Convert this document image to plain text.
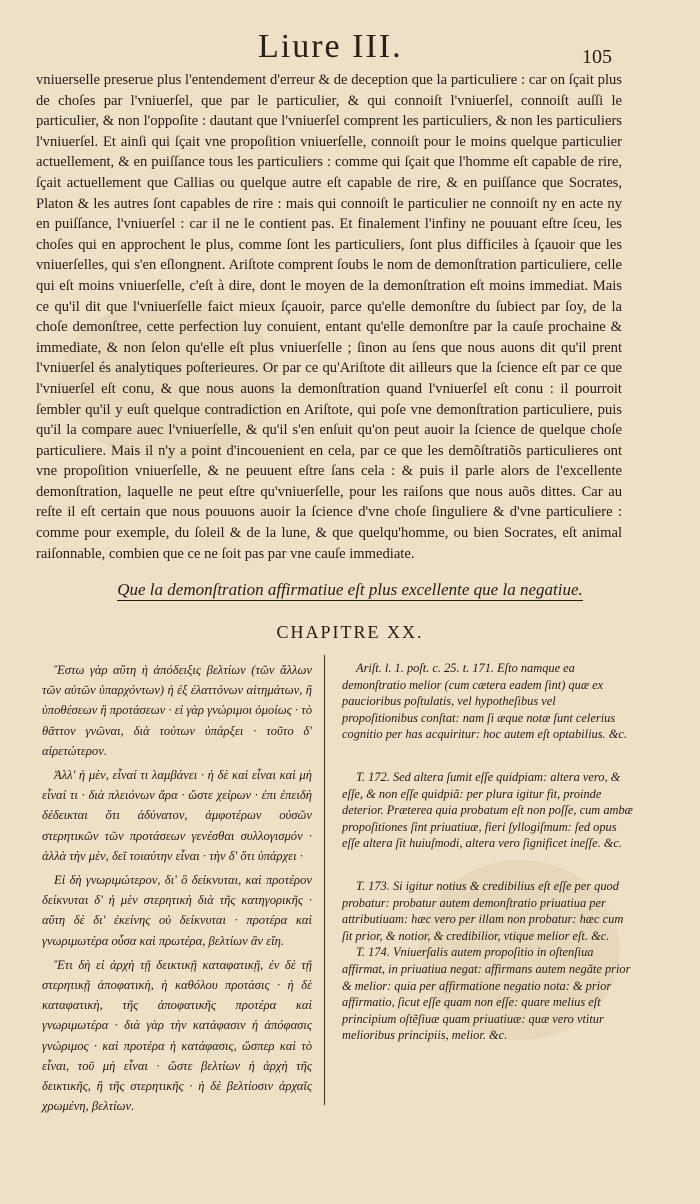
Liure III.	105

vniuerselle preserue plus l'entendement d'erreur & de deception que la particuliere : car on ſçait plus de choſes par l'vniuerſel, que par le particulier, & qui connoiſt l'vniuerſel, connoiſt auſſi le particulier, & non l'oppoſite : dautant que l'vniuerſel comprent les particuliers, & non les particuliers l'vniuerſel. Et ainſi qui ſçait vne propoſition vniuerſelle, connoiſt pour le moins quelque particulier actuellement, & en puiſſance tous les particuliers : comme qui ſçait que l'homme eſt capable de rire, ſçait actuellement que Callias ou quelque autre eſt capable de rire, & en puiſſance que Socrates, Platon & les autres ſont capables de rire : mais qui connoiſt le particulier ne connoiſt ny en acte ny en puiſſance, l'vniuerſel : car il ne le contient pas. Et finalement l'infiny ne pouuant eſtre ſceu, les choſes qui en approchent le plus, comme ſont les particuliers, ſont plus difficiles à ſçauoir que les vniuerſelles, qui s'en eſlongnent. Ariſtote comprent ſoubs le nom de demonſtration particuliere, celle qui eſt moins vniuerſelle, c'eſt à dire, dont le moyen de la demonſtration eſt moins immediat. Mais ce qu'il dit que l'vniuerſelle faict mieux ſçauoir, parce qu'elle demonſtre du ſubiect par ſoy, de la choſe demonſtree, cette perfection luy conuient, entant qu'elle demonſtre par la cauſe prochaine & immediate, & non ſelon qu'elle eſt plus vniuerſelle ; ſinon au ſens que nous auons dit qu'il prent l'vniuerſel és analytiques poſterieures. Or par ce qu'Ariſtote dit ailleurs que la ſcience eſt par ce que l'vniuerſel eſt conu, & que nous auons la demonſtration quand l'vniuerſel eſt conu : il pourroit ſembler qu'il y euſt quelque contradiction en Ariſtote, qui poſe vne demonſtration particuliere, puis qu'il la compare auec l'vniuerſelle, & qu'il s'en enſuit qu'on peut auoir la ſcience de quelque choſe particuliere. Mais il n'y a point d'incouenient en cela, par ce que les demõſtratiõs particulieres ont vne propoſition vniuerſelle, & ne peuuent eſtre ſans cela : & puis il parle alors de l'excellente demonſtration, laquelle ne peut eſtre qu'vniuerſelle, pour les raiſons que nous auõs dittes. Car au reſte il eſt certain que nous pouuons auoir la ſcience d'vne choſe ſinguliere & d'vne particuliere : comme pour exemple, du ſoleil & de la lune, & que quelqu'homme, ou bien Socrates, eſt animal raiſonnable, combien que ce ne ſoit pas par vne cauſe immediate.

Que la demonſtration affirmatiue eſt plus excellente que la negatiue.
CHAPITRE XX.

Ἔστω γὰρ αὕτη ἡ ἀπόδειξις βελτίων (τῶν ἄλλων τῶν αὐτῶν ὑπαρχόντων) ἡ ἐξ ἐλαττόνων αἰτημάτων, ἢ ὑποθέσεων ἢ προτάσεων · εἰ γὰρ γνώριμοι ὁμοίως · τὸ θᾶττον γνῶναι, διὰ τούτων ὑπάρξει · τοῦτο δ' αἱρετώτερον.

Ἀλλ' ἡ μὲν, εἶναί τι λαμβάνει · ἡ δὲ καὶ εἶναι καὶ μὴ εἶναί τι · διὰ πλειόνων ἄρα · ὥστε χείρων · ἐπι ἐπειδὴ δέδεικται ὅτι ἀδύνατον, ἀμφοτέρων οὐσῶν στερητικῶν τῶν προτάσεων γενέσθαι συλλογισμόν · ἀλλὰ τὴν μὲν, δεῖ τοιαύτην εἶναι · τὴν δ' ὅτι ὑπάρχει ·

Εἰ δὴ γνωριμώτερον, δι' ὃ δείκνυται, καὶ προτέρον δείκνυται δ' ἡ μὲν στερητικὴ διὰ τῆς κατηγορικῆς · αὕτη δὲ δι' ἐκείνης οὐ δείκνυται · προτέρα καὶ γνωριμωτέρα οὖσα καὶ πρωτέρα, βελτίων ἂν εἴη.

Ἔτι δὴ εἰ ἀρχὴ τῇ δεικτικῇ καταφατικῇ, ἐν δὲ τῇ στερητικῇ ἀποφατικὴ, ἡ καθόλου προτάσις · ἡ δὲ καταφατικὴ, τῆς ἀποφατικῆς προτέρα καὶ γνωριμωτέρα · διὰ γὰρ τὴν κατάφασιν ἡ ἀπόφασις γνώριμος · καὶ προτέρα ἡ κατάφασις, ὥσπερ καὶ τὸ εἶναι, τοῦ μὴ εἶναι · ὥστε βελτίων ἡ ἀρχὴ τῆς δεικτικῆς, ἢ τῆς στερητικῆς · ἡ δὲ βελτίοσιν ἀρχαῖς χρωμένη, βελτίων.

Ariſt. l. 1. poſt. c. 25. t. 171. Eſto namque ea demonſtratio melior (cum cætera eadem ſint) quæ ex paucioribus poſtulatis, vel hypotheſibus vel propoſitionibus conſtat: nam ſi æque notæ ſunt celerius cognitio per has acquiritur: hoc autem eſt optabilius. &c.

T. 172. Sed altera ſumit eſſe quidpiam: altera vero, & eſſe, & non eſſe quidpiã: per plura igitur fit, proinde deterior. Præterea quia probatum eſt non poſſe, cum ambæ propoſitiones ſint priuatiuæ, fieri ſyllogiſmum: ſed opus eſſe altera ſit huiuſmodi, altera vero ſignificet ineſſe. &c.

T. 173. Si igitur notius & credibilius eſt eſſe per quod probatur: probatur autem demonſtratio priuatiua per attributiuam: hæc vero per illam non probatur: hæc cum ſit prior, & notior, & credibilior, vtique melior eſt. &c.

T. 174. Vniuerſalis autem propoſitio in oſtenſiua affirmat, in priuatiua negat: affirmans autem negãte prior & melior: quia per affirmatione negatio nota: & prior affirmatio, ſicut eſſe quam non eſſe: quare melius eſt principium oſtẽſiuæ quam priuatiuæ: quæ vero vtitur melioribus principiis, melior. &c.
